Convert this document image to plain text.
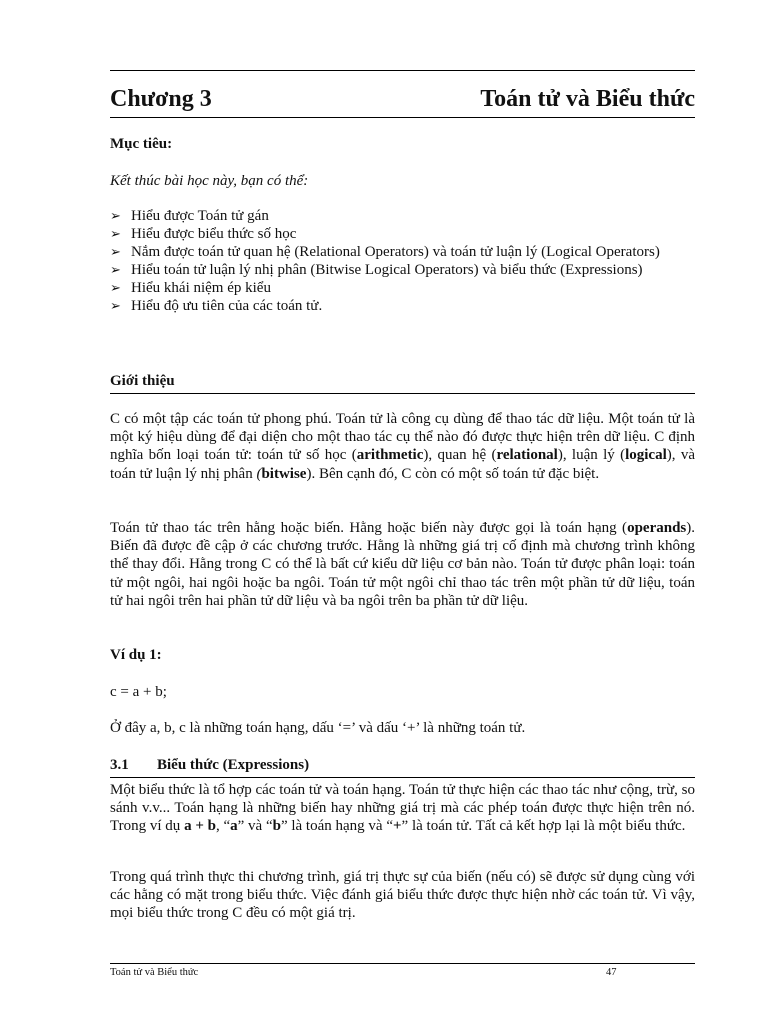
Chương 3	Toán tử và Biểu thức
Mục tiêu:
Kết thúc bài học này, bạn có thể:
➢ Hiểu được Toán tử gán
➢ Hiểu được biểu thức số học
➢ Nắm được toán tử quan hệ (Relational Operators) và toán tử luận lý (Logical Operators)
➢ Hiểu toán tử luận lý nhị phân (Bitwise Logical Operators) và biểu thức (Expressions)
➢ Hiểu khái niệm ép kiểu
➢ Hiểu độ ưu tiên của các toán tử.
Giới thiệu
C có một tập các toán tử phong phú. Toán tử là công cụ dùng để thao tác dữ liệu. Một toán tử là một ký hiệu dùng để đại diện cho một thao tác cụ thể nào đó được thực hiện trên dữ liệu. C định nghĩa bốn loại toán tử: toán tử số học (arithmetic), quan hệ (relational), luận lý (logical), và toán tử luận lý nhị phân (bitwise). Bên cạnh đó, C còn có một số toán tử đặc biệt.
Toán tử thao tác trên hằng hoặc biến. Hằng hoặc biến này được gọi là toán hạng (operands). Biến đã được đề cập ở các chương trước. Hằng là những giá trị cố định mà chương trình không thể thay đổi. Hằng trong C có thể là bất cứ kiểu dữ liệu cơ bản nào. Toán tử được phân loại: toán tử một ngôi, hai ngôi hoặc ba ngôi. Toán tử một ngôi chỉ thao tác trên một phần tử dữ liệu, toán tử hai ngôi trên hai phần tử dữ liệu và ba ngôi trên ba phần tử dữ liệu.
Ví dụ 1:
c = a + b;
Ở đây a, b, c là những toán hạng, dấu ‘=’ và dấu ‘+’ là những toán tử.
3.1 Biểu thức (Expressions)
Một biểu thức là tổ hợp các toán tử và toán hạng. Toán tử thực hiện các thao tác như cộng, trừ, so sánh v.v... Toán hạng là những biến hay những giá trị mà các phép toán được thực hiện trên nó. Trong ví dụ a + b, “a” và “b” là toán hạng và “+” là toán tử. Tất cả kết hợp lại là một biểu thức.
Trong quá trình thực thi chương trình, giá trị thực sự của biến (nếu có) sẽ được sử dụng cùng với các hằng có mặt trong biểu thức. Việc đánh giá biểu thức được thực hiện nhờ các toán tử. Vì vậy, mọi biểu thức trong C đều có một giá trị.
Toán tử và Biểu thức	47
